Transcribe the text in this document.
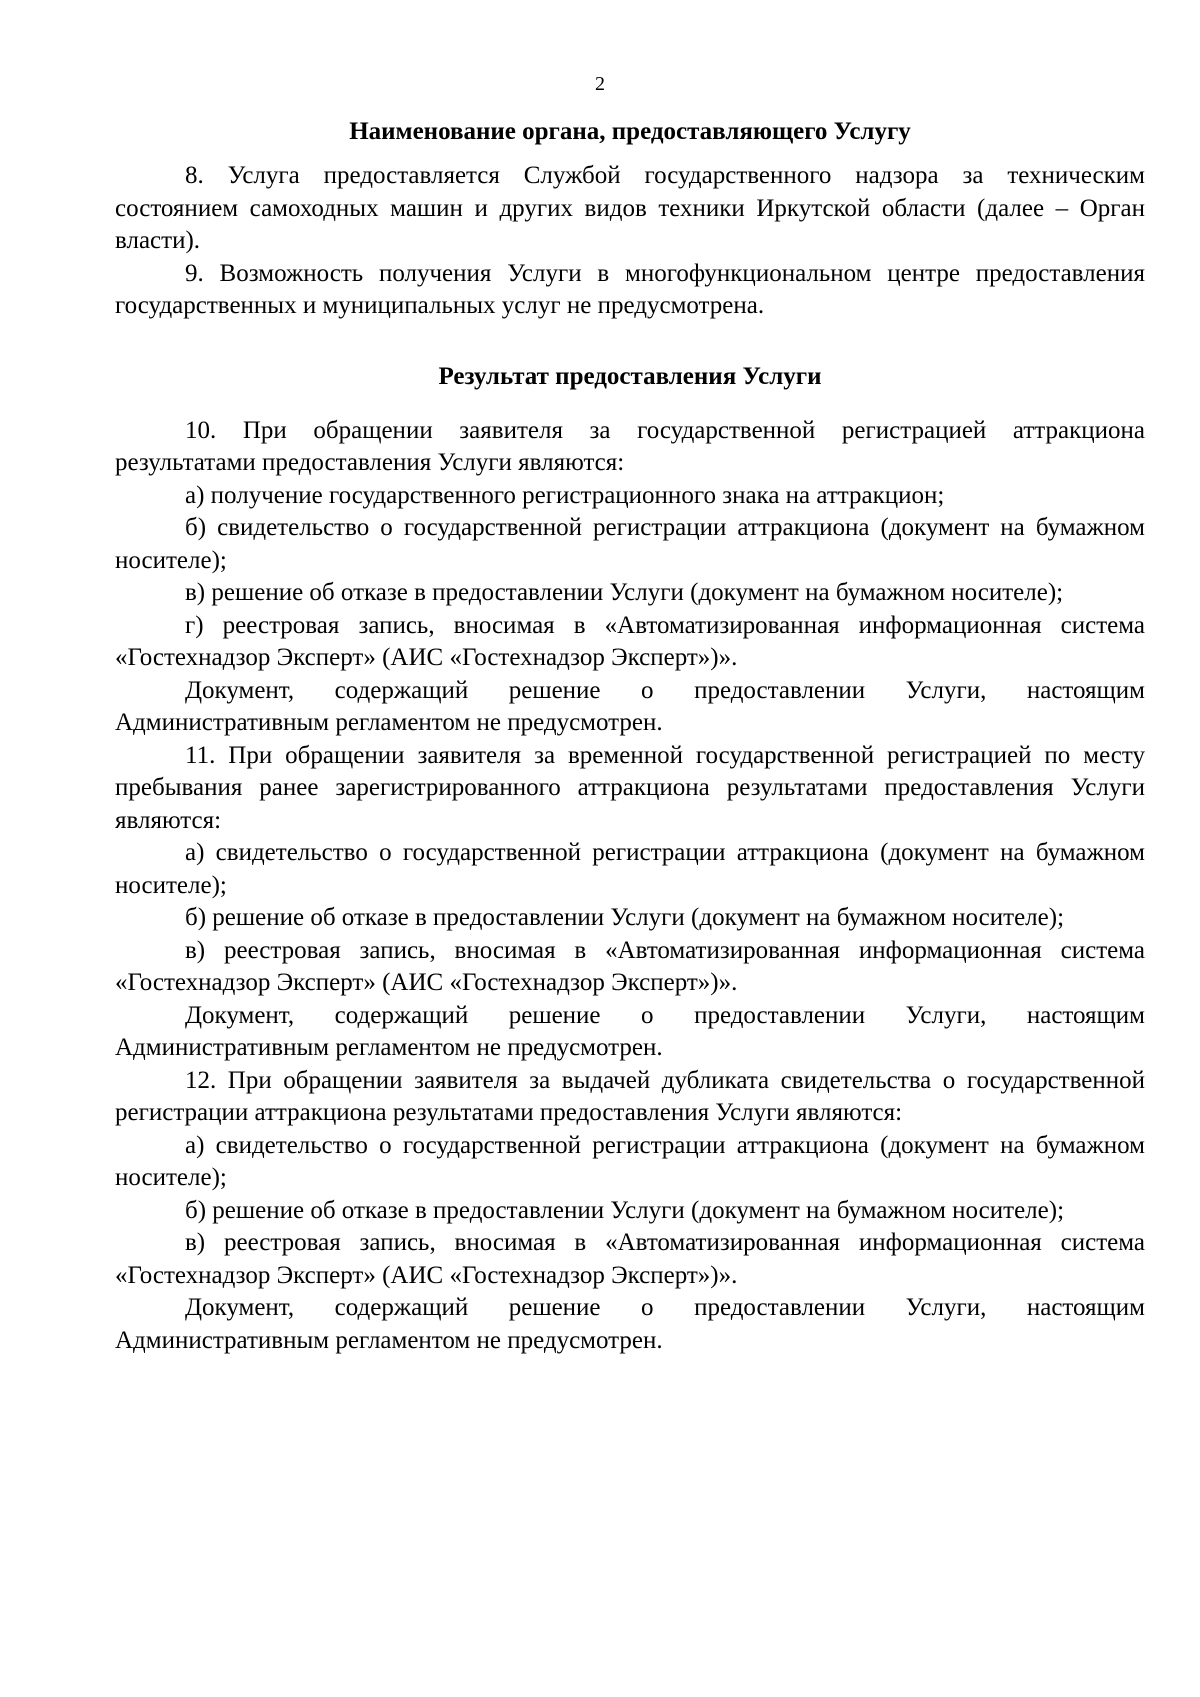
2
Наименование органа, предоставляющего Услугу

8. Услуга предоставляется Службой государственного надзора за техническим состоянием самоходных машин и других видов техники Иркутской области (далее – Орган власти).

9. Возможность получения Услуги в многофункциональном центре предоставления государственных и муниципальных услуг не предусмотрена.

Результат предоставления Услуги

10. При обращении заявителя за государственной регистрацией аттракциона результатами предоставления Услуги являются:

а) получение государственного регистрационного знака на аттракцион;

б) свидетельство о государственной регистрации аттракциона (документ на бумажном носителе);

в) решение об отказе в предоставлении Услуги (документ на бумажном носителе);

г) реестровая запись, вносимая в «Автоматизированная информационная система «Гостехнадзор Эксперт» (АИС «Гостехнадзор Эксперт»)».

Документ, содержащий решение о предоставлении Услуги, настоящим Административным регламентом не предусмотрен.

11. При обращении заявителя за временной государственной регистрацией по месту пребывания ранее зарегистрированного аттракциона результатами предоставления Услуги являются:

а) свидетельство о государственной регистрации аттракциона (документ на бумажном носителе);

б) решение об отказе в предоставлении Услуги (документ на бумажном носителе);

в) реестровая запись, вносимая в «Автоматизированная информационная система «Гостехнадзор Эксперт» (АИС «Гостехнадзор Эксперт»)».

Документ, содержащий решение о предоставлении Услуги, настоящим Административным регламентом не предусмотрен.

12. При обращении заявителя за выдачей дубликата свидетельства о государственной регистрации аттракциона результатами предоставления Услуги являются:

а) свидетельство о государственной регистрации аттракциона (документ на бумажном носителе);

б) решение об отказе в предоставлении Услуги (документ на бумажном носителе);

в) реестровая запись, вносимая в «Автоматизированная информационная система «Гостехнадзор Эксперт» (АИС «Гостехнадзор Эксперт»)».

Документ, содержащий решение о предоставлении Услуги, настоящим Административным регламентом не предусмотрен.
